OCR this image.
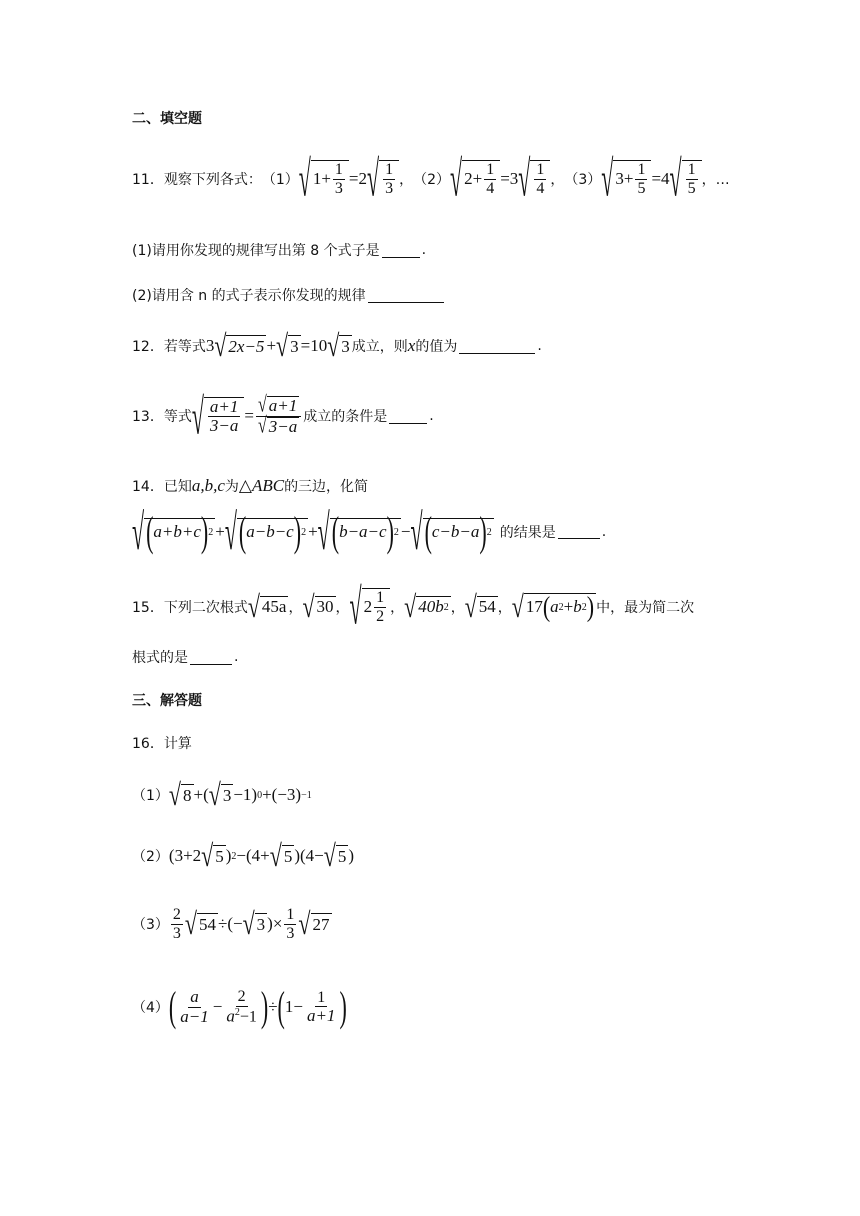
二、填空题
11．观察下列各式： （1） √ $1+ \frac{1}{3} =2$ √ $\frac{1}{3}$ ， （2） √ $2+ \frac{1}{4} =3$ √ $\frac{1}{4}$ ， （3） √ $3+ \frac{1}{5} =4$ √ $\frac{1}{5}$ ，…
(1)请用你发现的规律写出第 8 个式子是	.
(2)请用含 n 的式子表示你发现的规律
12．若等式 3 √ 2x−5 + √ 3 =10 √ 3 成立，则 x 的值为	.
13．等式 √ $\frac{a+1}{3-a} = \frac{√ a+1}{√ 3-a}$ 成立的条件是	.
14．已知 a,b,c 为 △ABC 的三边，化简
√ ( a+b+c ) 2 + √ ( a−b−c ) 2 + √ ( b−a−c ) 2 − √ ( c−b−a ) 2 的结果是	.
15．下列二次根式 √ 45a ， √ 30 ， √ $2 \frac{1}{2}$ ， √ 40b 2 ， √ 54 ， √ 17 ( a 2 + b 2 ) 中，最为简二次
根式的是	.
三、解答题
16．计算
（1） √ 8 +( √ 3 −1) 0 +(−3) −1
（2） (3+2 √ 5 ) 2 −(4+ √ 5 )(4− √ 5 )
$(3) \frac{2}{3}$ √ 54 ÷(− √ 3 )× $\frac{1}{3}$ √ 27
（4） ( $\frac{a}{a-1} - \frac{2}{a^2-1}$ ) ÷ ( $1- \frac{1}{a+1}$ )
